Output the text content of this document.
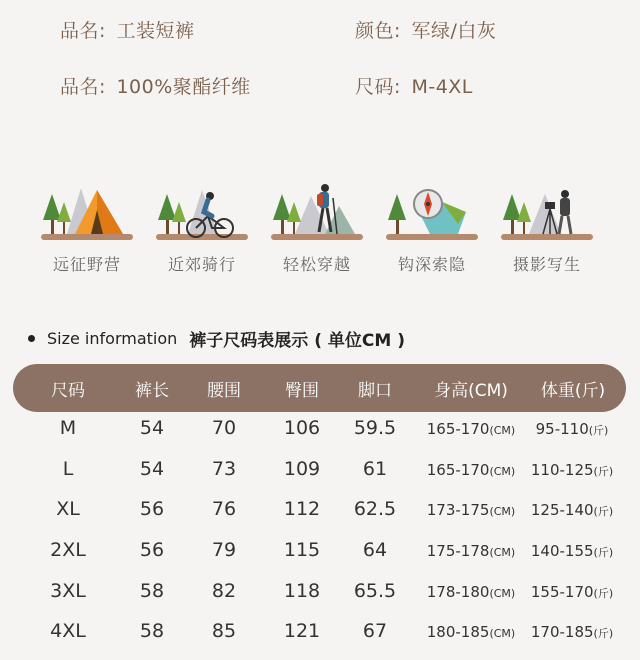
品名: 工装短裤	颜色: 军绿/白灰
品名: 100%聚酯纤维	尺码: M-4XL
远征野营	近郊骑行	轻松穿越	钩深索隐	摄影写生
Size information 裤子尺码表展示 ( 单位CM )
尺码	裤长	腰围	臀围	脚口	身高(CM)	体重(斤)
M	54	70	106	59.5	165-170(CM)	95-110(斤)
L	54	73	109	61	165-170(CM)	110-125(斤)
XL	56	76	112	62.5	173-175(CM)	125-140(斤)
2XL	56	79	115	64	175-178(CM)	140-155(斤)
3XL	58	82	118	65.5	178-180(CM)	155-170(斤)
4XL	58	85	121	67	180-185(CM)	170-185(斤)
